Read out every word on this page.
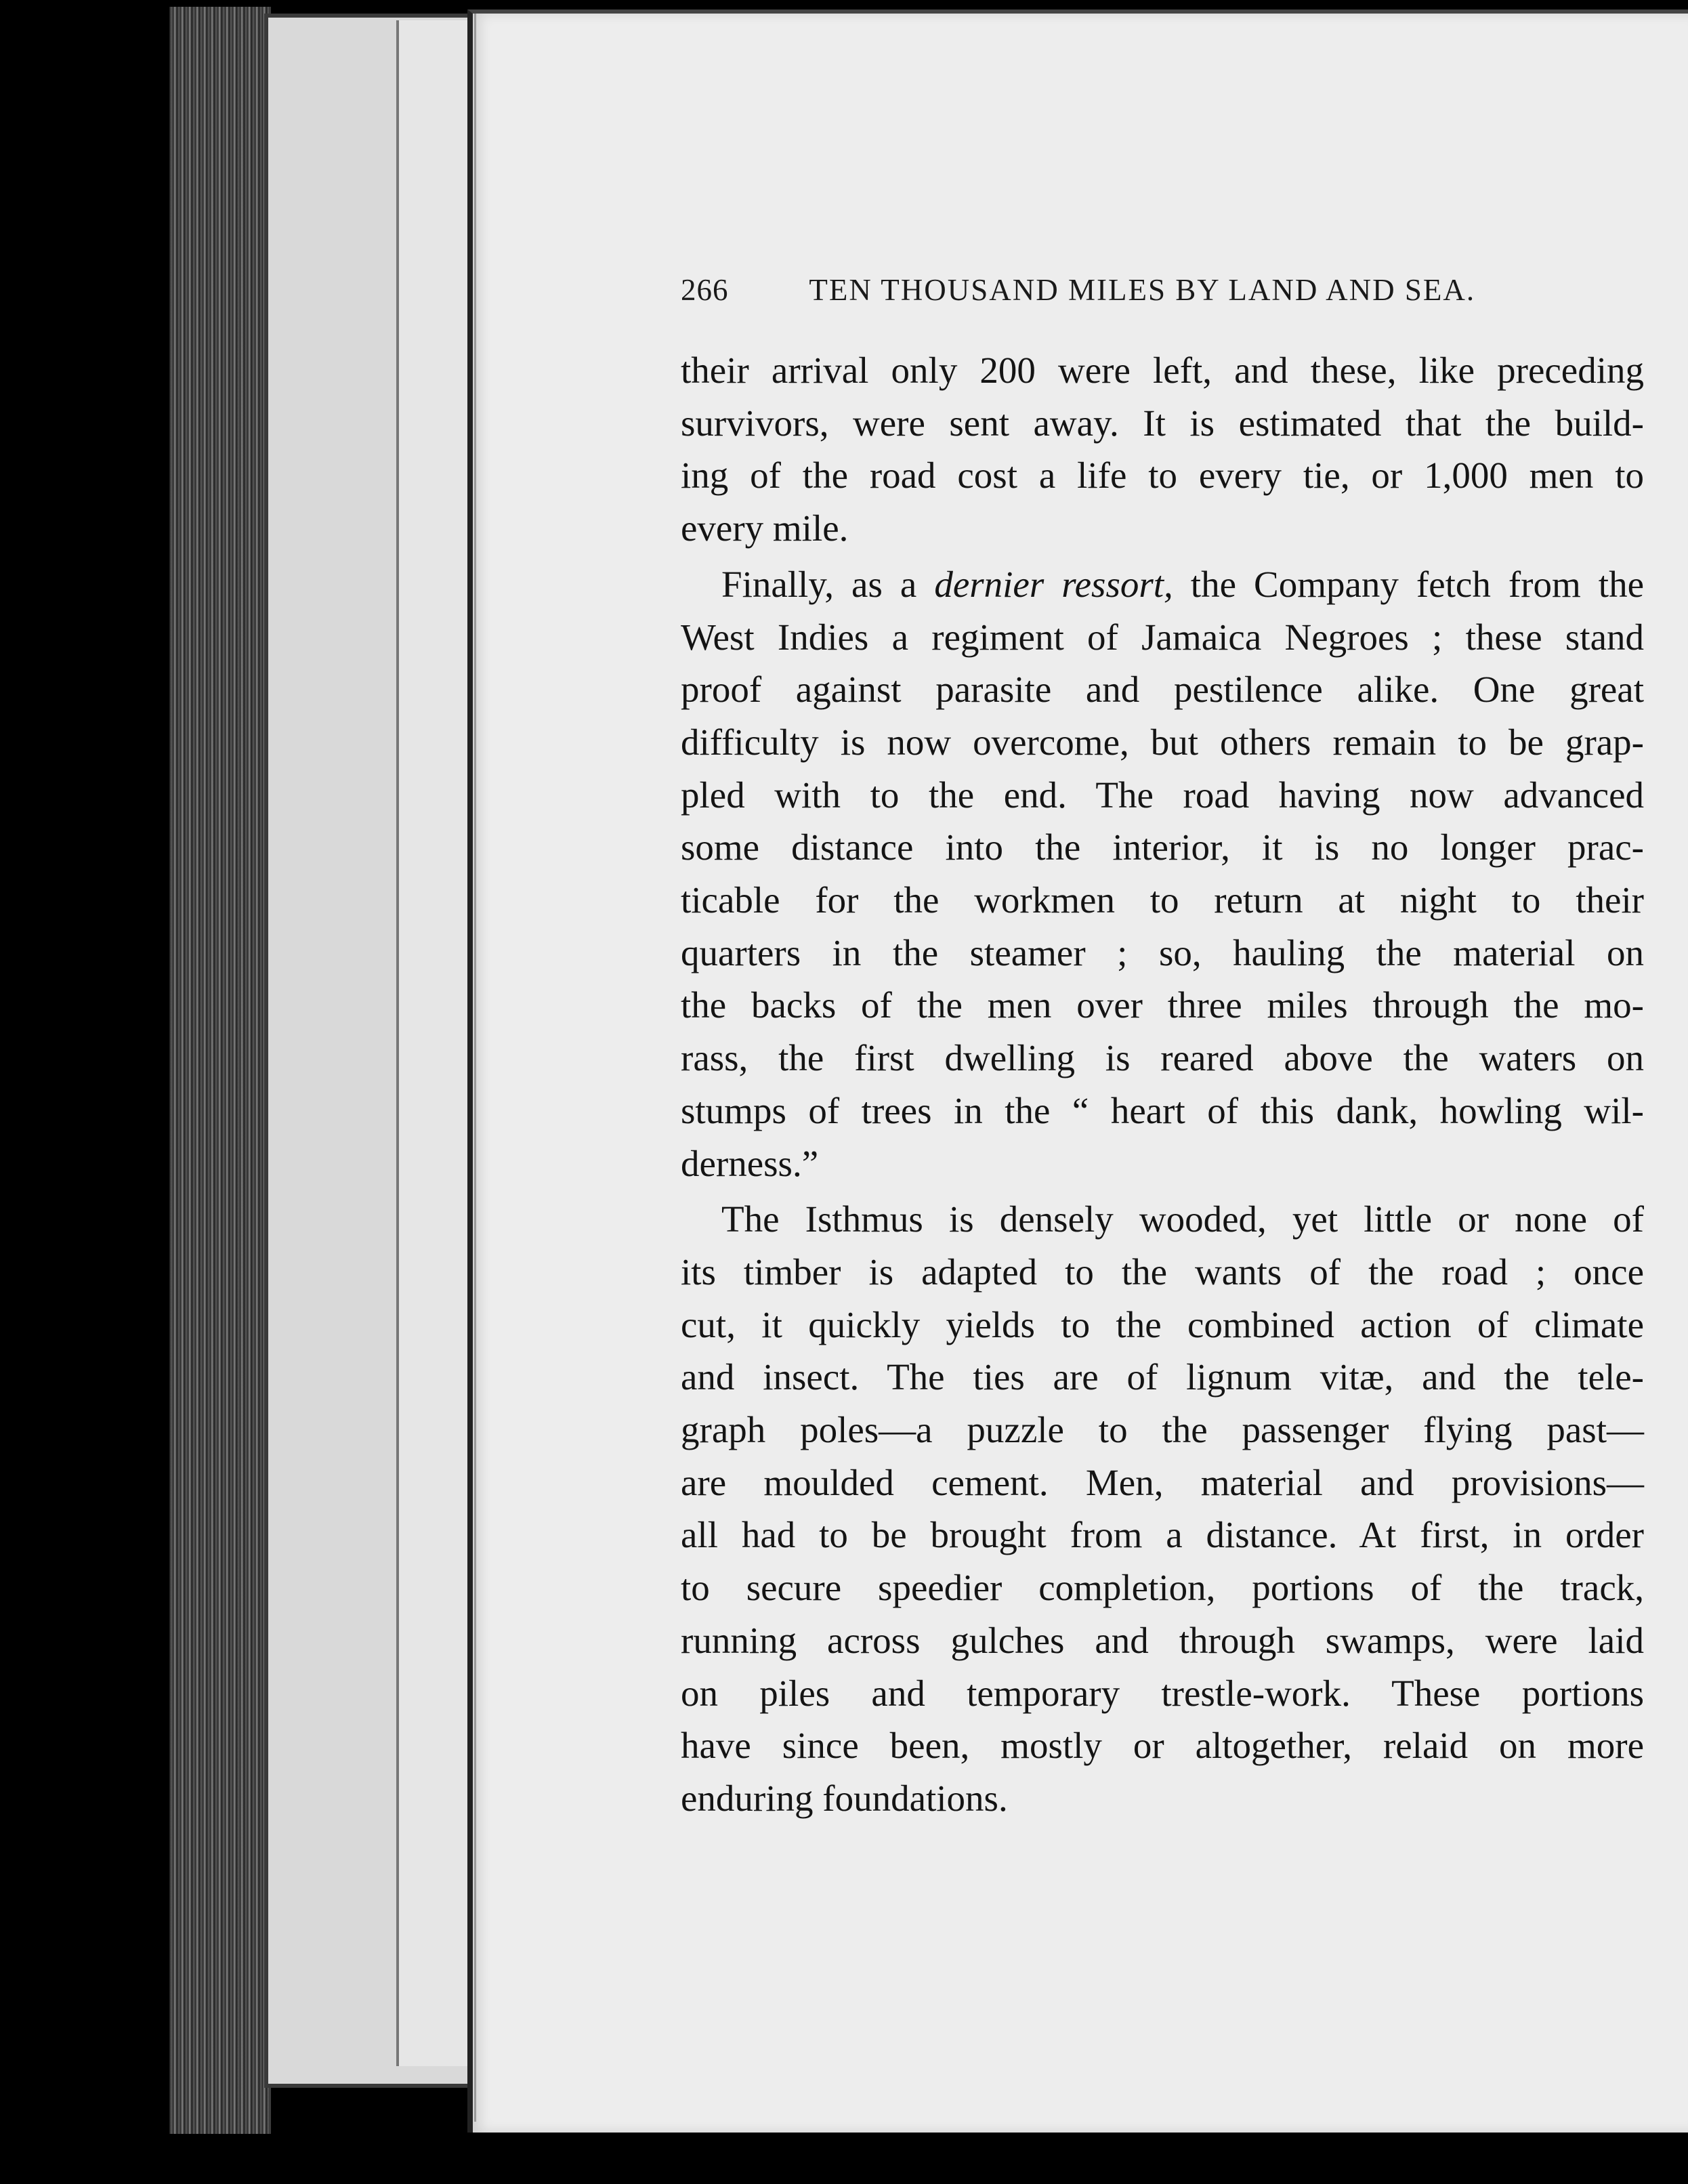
266	TEN THOUSAND MILES BY LAND AND SEA.

their arrival only 200 were left, and these, like preceding
survivors, were sent away. It is estimated that the build-
ing of the road cost a life to every tie, or 1,000 men to
every mile.

Finally, as a dernier ressort, the Company fetch from the
West Indies a regiment of Jamaica Negroes ; these stand
proof against parasite and pestilence alike. One great
difficulty is now overcome, but others remain to be grap-
pled with to the end. The road having now advanced
some distance into the interior, it is no longer prac-
ticable for the workmen to return at night to their
quarters in the steamer ; so, hauling the material on
the backs of the men over three miles through the mo-
rass, the first dwelling is reared above the waters on
stumps of trees in the “ heart of this dank, howling wil-
derness.”

The Isthmus is densely wooded, yet little or none of
its timber is adapted to the wants of the road ; once
cut, it quickly yields to the combined action of climate
and insect. The ties are of lignum vitæ, and the tele-
graph poles—a puzzle to the passenger flying past—
are moulded cement. Men, material and provisions—
all had to be brought from a distance. At first, in order
to secure speedier completion, portions of the track,
running across gulches and through swamps, were laid
on piles and temporary trestle-work. These portions
have since been, mostly or altogether, relaid on more
enduring foundations.
